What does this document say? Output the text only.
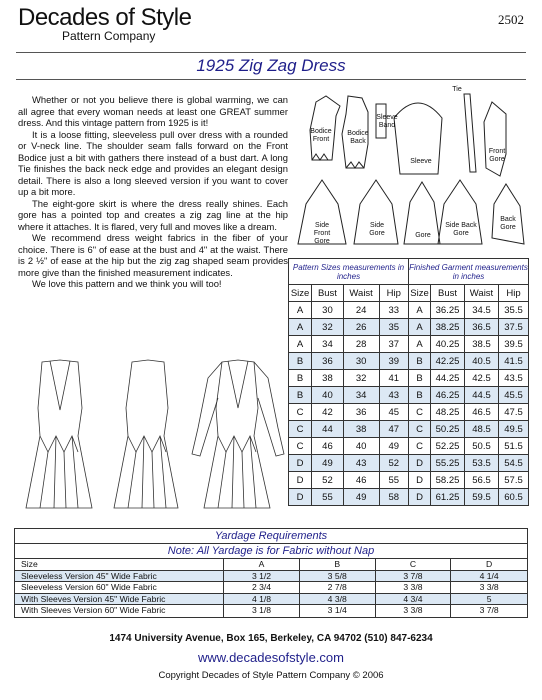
Decades of Style
Pattern Company
2502
1925 Zig Zag Dress

Whether or not you believe there is global warming, we can all agree that every woman needs at least one GREAT summer dress. And this vintage pattern from 1925 is it!

It is a loose fitting, sleeveless pull over dress with a rounded or V-neck line. The shoulder seam falls forward on the Front Bodice just a bit with gathers there instead of a bust dart. A long Tie finishes the back neck edge and provides an elegant design detail. There is also a long sleeved version if you want to cover up a bit more.

The eight-gore skirt is where the dress really shines. Each gore has a pointed top and creates a zig zag line at the hip where it attaches. It is flared, very full and moves like a dream.

We recommend dress weight fabrics in the fiber of your choice. There is 6" of ease at the bust and 4" at the waist. There is 2 ½" of ease at the hip but the zig zag shaped seam provides more give than the finished measurement indicates.

We love this pattern and we think you will too!

Bodice Front
Bodice Back
Sleeve Band
Tie
Sleeve
Front Gore
Side Front Gore
Side Gore	Gore
Side Back Gore
Back Gore
Pattern Sizes measurements in inches				Finished Garment measurements in inches			
Size	Bust	Waist	Hip	Size	Bust	Waist	Hip
A	30	24	33	A	36.25	34.5	35.5
A	32	26	35	A	38.25	36.5	37.5
A	34	28	37	A	40.25	38.5	39.5
B	36	30	39	B	42.25	40.5	41.5
B	38	32	41	B	44.25	42.5	43.5
B	40	34	43	B	46.25	44.5	45.5
C	42	36	45	C	48.25	46.5	47.5
C	44	38	47	C	50.25	48.5	49.5
C	46	40	49	C	52.25	50.5	51.5
D	49	43	52	D	55.25	53.5	54.5
D	52	46	55	D	58.25	56.5	57.5
D	55	49	58	D	61.25	59.5	60.5
Yardage Requirements
Note: All Yardage is for Fabric without Nap
Size	A	B	C	D
Sleeveless Version 45" Wide Fabric	3 1/2	3 5/8	3 7/8	4 1/4
Sleeveless Version 60" Wide Fabric	2 3/4	2 7/8	3 3/8	3 3/8
With Sleeves Version 45" Wide Fabric	4 1/8	4 3/8	4 3/4	5
With Sleeves Version 60" Wide Fabric	3 1/8	3 1/4	3 3/8	3 7/8
1474 University Avenue, Box 165, Berkeley, CA 94702 (510) 847-6234
www.decadesofstyle.com
Copyright Decades of Style Pattern Company © 2006
